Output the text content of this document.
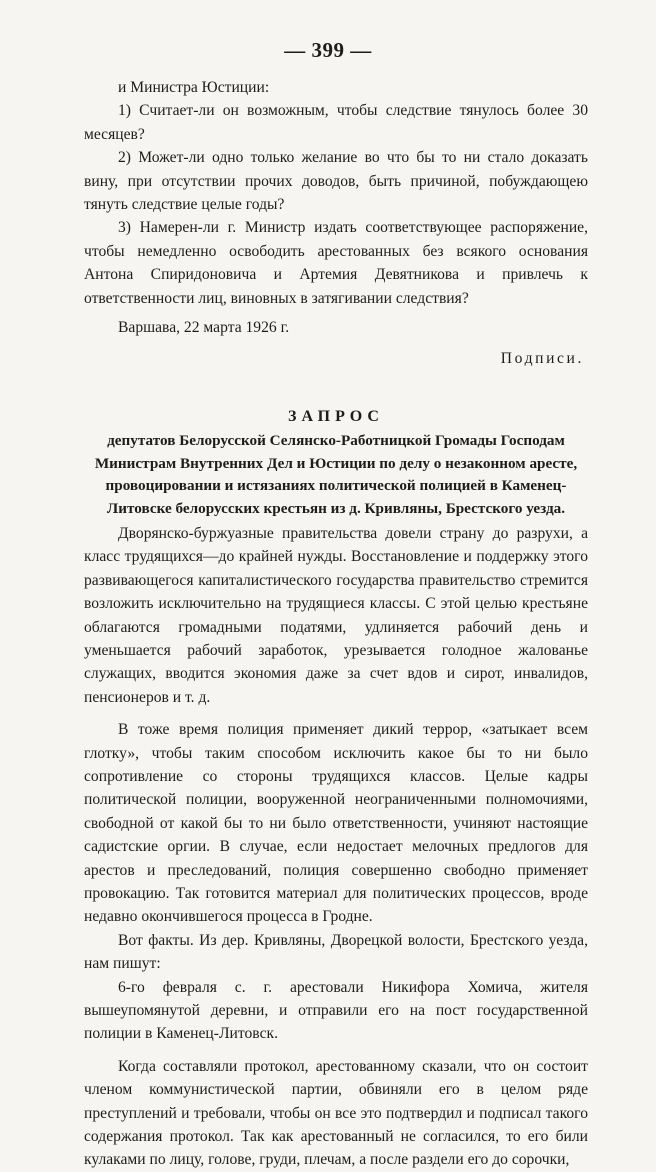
— 399 —

и Министра Юстиции:

1) Считает-ли он возможным, чтобы следствие тянулось более 30 месяцев?

2) Может-ли одно только желание во что бы то ни стало доказать вину, при отсутствии прочих доводов, быть причиной, побуждающею тянуть следствие целые годы?

3) Намерен-ли г. Министр издать соответствующее распоряжение, чтобы немедленно освободить арестованных без всякого основания Антона Спиридоновича и Артемия Девятникова и привлечь к ответственности лиц, виновных в затягивании следствия?

Варшава, 22 марта 1926 г.

Подписи.

ЗАПРОС

депутатов Белорусской Селянско-Работницкой Громады Господам Министрам Внутренних Дел и Юстиции по делу о незаконном аресте, провоцировании и истязаниях политической полицией в Каменец-Литовске белорусских крестьян из д. Кривляны, Брестского уезда.

Дворянско-буржуазные правительства довели страну до разрухи, а класс трудящихся—до крайней нужды. Восстановление и поддержку этого развивающегося капиталистического государства правительство стремится возложить исключительно на трудящиеся классы. С этой целью крестьяне облагаются громадными податями, удлиняется рабочий день и уменьшается рабочий заработок, урезывается голодное жалованье служащих, вводится экономия даже за счет вдов и сирот, инвалидов, пенсионеров и т. д.

В тоже время полиция применяет дикий террор, «затыкает всем глотку», чтобы таким способом исключить какое бы то ни было сопротивление со стороны трудящихся классов. Целые кадры политической полиции, вооруженной неограниченными полномочиями, свободной от какой бы то ни было ответственности, учиняют настоящие садистские оргии. В случае, если недостает мелочных предлогов для арестов и преследований, полиция совершенно свободно применяет провокацию. Так готовится материал для политических процессов, вроде недавно окончившегося процесса в Гродне.

Вот факты. Из дер. Кривляны, Дворецкой волости, Брестского уезда, нам пишут:

6-го февраля с. г. арестовали Никифора Хомича, жителя вышеупомянутой деревни, и отправили его на пост государственной полиции в Каменец-Литовск.

Когда составляли протокол, арестованному сказали, что он состоит членом коммунистической партии, обвиняли его в целом ряде преступлений и требовали, чтобы он все это подтвердил и подписал такого содержания протокол. Так как арестованный не согласился, то его били кулаками по лицу, голове, груди, плечам, а после раздели его до сорочки,
